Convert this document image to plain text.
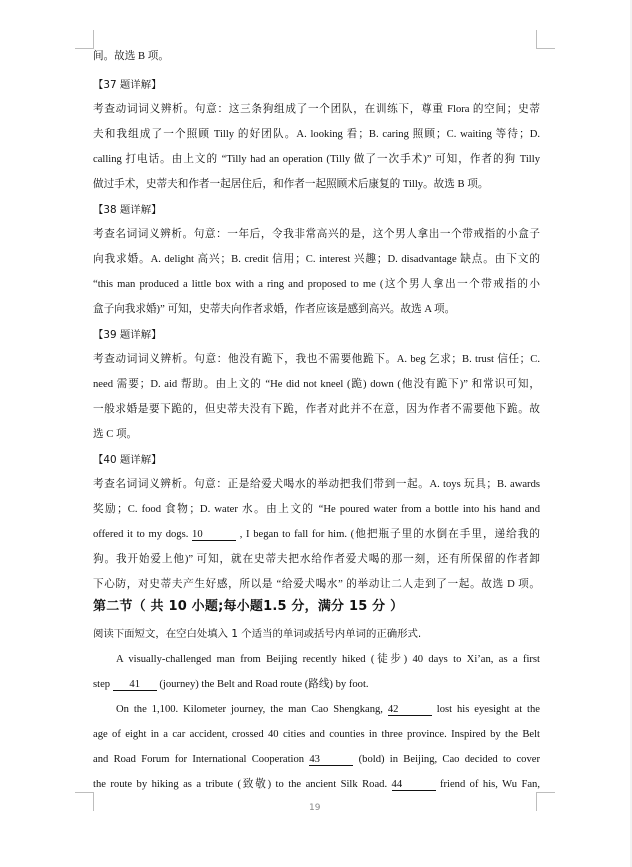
间。故选 B 项。
【37 题详解】
考查动词词义辨析。句意：这三条狗组成了一个团队，在训练下，尊重 Flora 的空间；史蒂
夫和我组成了一个照顾 Tilly 的好团队。A. looking 看；B. caring 照顾；C. waiting 等待；D.
calling 打电话。由上文的 “Tilly had an operation (Tilly 做了一次手术)” 可知，作者的狗 Tilly
做过手术，史蒂夫和作者一起居住后，和作者一起照顾术后康复的 Tilly。故选 B 项。
【38 题详解】
考查名词词义辨析。句意：一年后，令我非常高兴的是，这个男人拿出一个带戒指的小盒子
向我求婚。A. delight 高兴；B. credit 信用；C. interest 兴趣；D. disadvantage 缺点。由下文的
“this man produced a little box with a ring and proposed to me (这个男人拿出一个带戒指的小
盒子向我求婚)” 可知，史蒂夫向作者求婚，作者应该是感到高兴。故选 A 项。
【39 题详解】
考查动词词义辨析。句意：他没有跪下，我也不需要他跪下。A. beg 乞求；B. trust 信任；C.
need 需要；D. aid 帮助。由上文的 “He did not kneel (跪) down (他没有跪下)” 和常识可知，
一般求婚是要下跪的，但史蒂夫没有下跪，作者对此并不在意，因为作者不需要他下跪。故
选 C 项。
【40 题详解】
考查名词词义辨析。句意：正是给爱犬喝水的举动把我们带到一起。A. toys 玩具；B. awards
奖励；C. food 食物；D. water 水。由上文的 “He poured water from a bottle into his hand and
狗。我开始爱上他)” 可知，就在史蒂夫把水给作者爱犬喝的那一刻，还有所保留的作者卸
下心防，对史蒂夫产生好感，所以是 “给爱犬喝水” 的举动让二人走到了一起。故选 D 项。
offered it to my dogs. 10	, I began to fall for him. (他把瓶子里的水倒在手里，递给我的
第二节（ 共 10 小题;每小题1.5 分，满分 15 分 ）
阅读下面短文，在空白处填入 1 个适当的单词或括号内单词的正确形式.
A visually-challenged man from Beijing recently hiked (徒步) 40 days to Xi’an, as a first
step 41 (journey) the Belt and Road route (路线) by foot.
On the 1,100. Kilometer journey, the man Cao Shengkang, 42	lost his eyesight at the
age of eight in a car accident, crossed 40 cities and counties in three province. Inspired by the Belt
and Road Forum for International Cooperation 43	(bold) in Beijing, Cao decided to cover
the route by hiking as a tribute (致敬) to the ancient Silk Road. 44	friend of his, Wu Fan,
19
